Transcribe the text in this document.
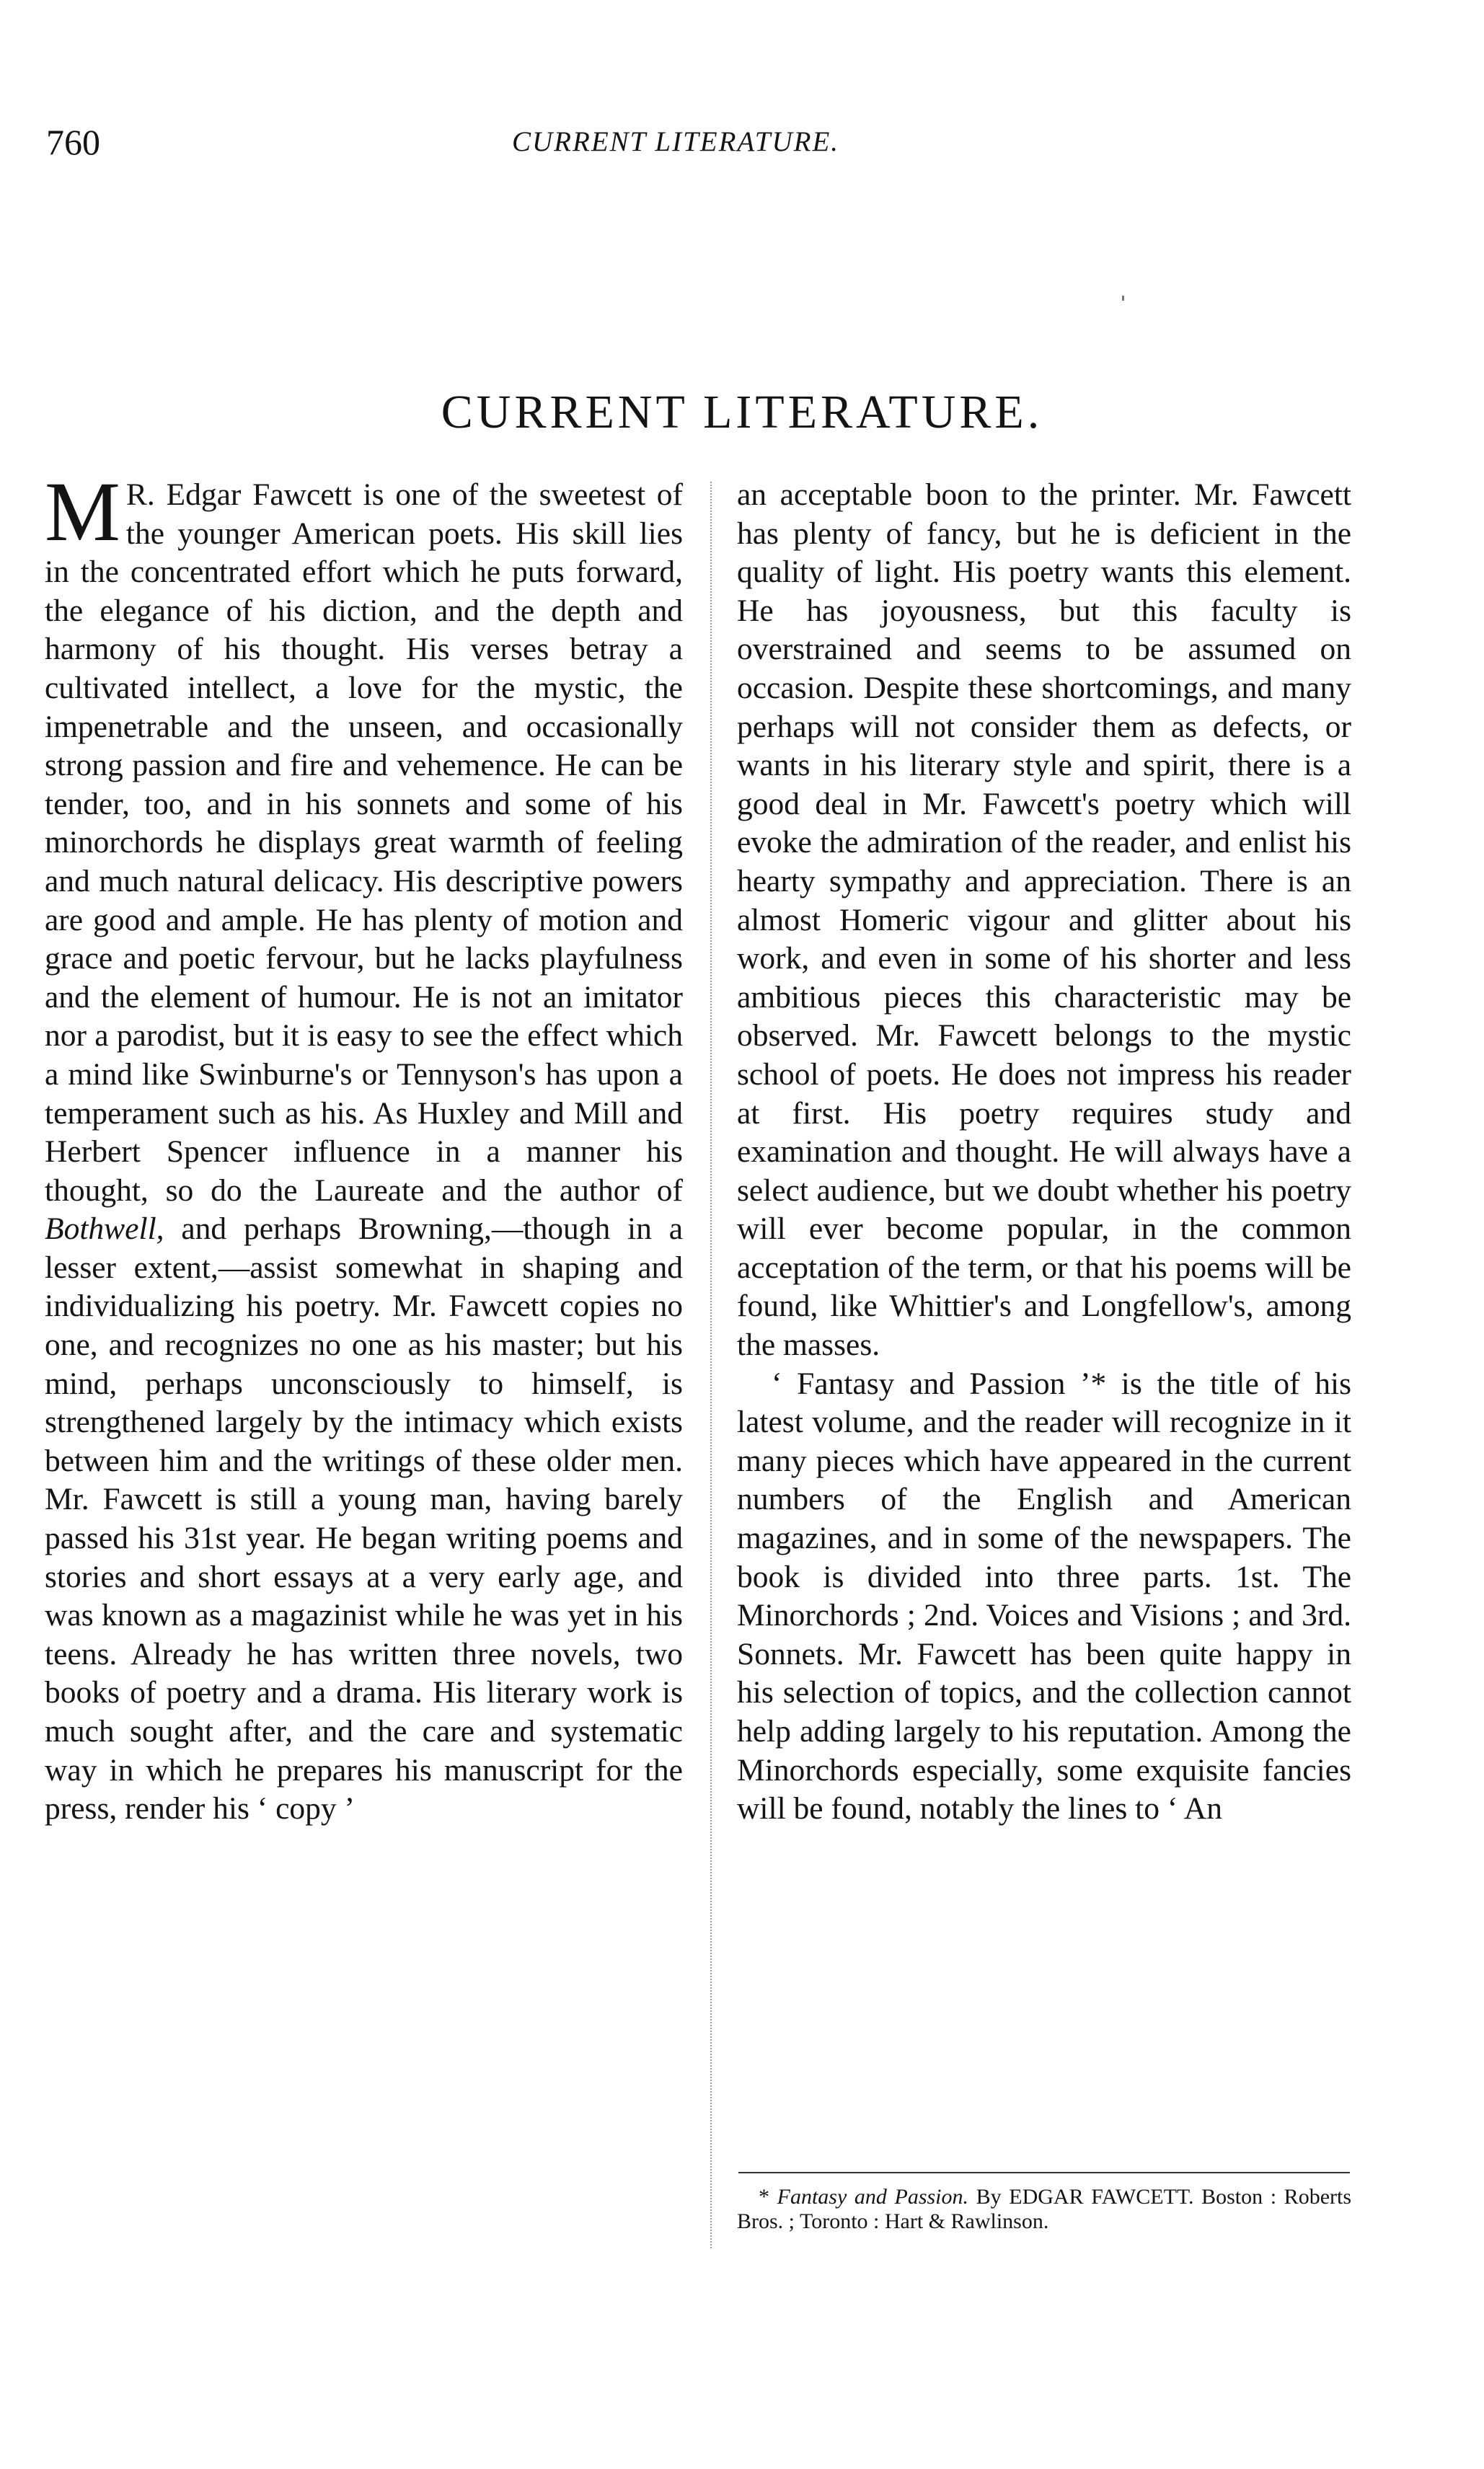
760	CURRENT LITERATURE.
CURRENT LITERATURE.

M R. Edgar Fawcett is one of the sweetest of the younger American poets. His skill lies in the concentrated effort which he puts forward, the elegance of his diction, and the depth and harmony of his thought. His verses betray a cultivated intellect, a love for the mystic, the impenetrable and the unseen, and occasionally strong passion and fire and vehemence. He can be tender, too, and in his sonnets and some of his minorchords he displays great warmth of feeling and much natural delicacy. His descriptive powers are good and ample. He has plenty of motion and grace and poetic fervour, but he lacks playfulness and the element of humour. He is not an imitator nor a parodist, but it is easy to see the effect which a mind like Swinburne's or Tennyson's has upon a temperament such as his. As Huxley and Mill and Herbert Spencer influence in a manner his thought, so do the Laureate and the author of Bothwell, and perhaps Browning,—though in a lesser extent,—assist somewhat in shaping and individualizing his poetry. Mr. Fawcett copies no one, and recognizes no one as his master; but his mind, perhaps unconsciously to himself, is strengthened largely by the intimacy which exists between him and the writings of these older men. Mr. Fawcett is still a young man, having barely passed his 31st year. He began writing poems and stories and short essays at a very early age, and was known as a magazinist while he was yet in his teens. Already he has written three novels, two books of poetry and a drama. His literary work is much sought after, and the care and systematic way in which he prepares his manuscript for the press, render his ‘ copy ’

an acceptable boon to the printer. Mr. Fawcett has plenty of fancy, but he is deficient in the quality of light. His poetry wants this element. He has joyousness, but this faculty is overstrained and seems to be assumed on occasion. Despite these shortcomings, and many perhaps will not consider them as defects, or wants in his literary style and spirit, there is a good deal in Mr. Fawcett's poetry which will evoke the admiration of the reader, and enlist his hearty sympathy and appreciation. There is an almost Homeric vigour and glitter about his work, and even in some of his shorter and less ambitious pieces this characteristic may be observed. Mr. Fawcett belongs to the mystic school of poets. He does not impress his reader at first. His poetry requires study and examination and thought. He will always have a select audience, but we doubt whether his poetry will ever become popular, in the common acceptation of the term, or that his poems will be found, like Whittier's and Longfellow's, among the masses.

‘ Fantasy and Passion ’* is the title of his latest volume, and the reader will recognize in it many pieces which have appeared in the current numbers of the English and American magazines, and in some of the newspapers. The book is divided into three parts. 1st. The Minorchords ; 2nd. Voices and Visions ; and 3rd. Sonnets. Mr. Fawcett has been quite happy in his selection of topics, and the collection cannot help adding largely to his reputation. Among the Minorchords especially, some exquisite fancies will be found, notably the lines to ‘ An

* Fantasy and Passion. By EDGAR FAWCETT. Boston : Roberts Bros. ; Toronto : Hart & Rawlinson.
